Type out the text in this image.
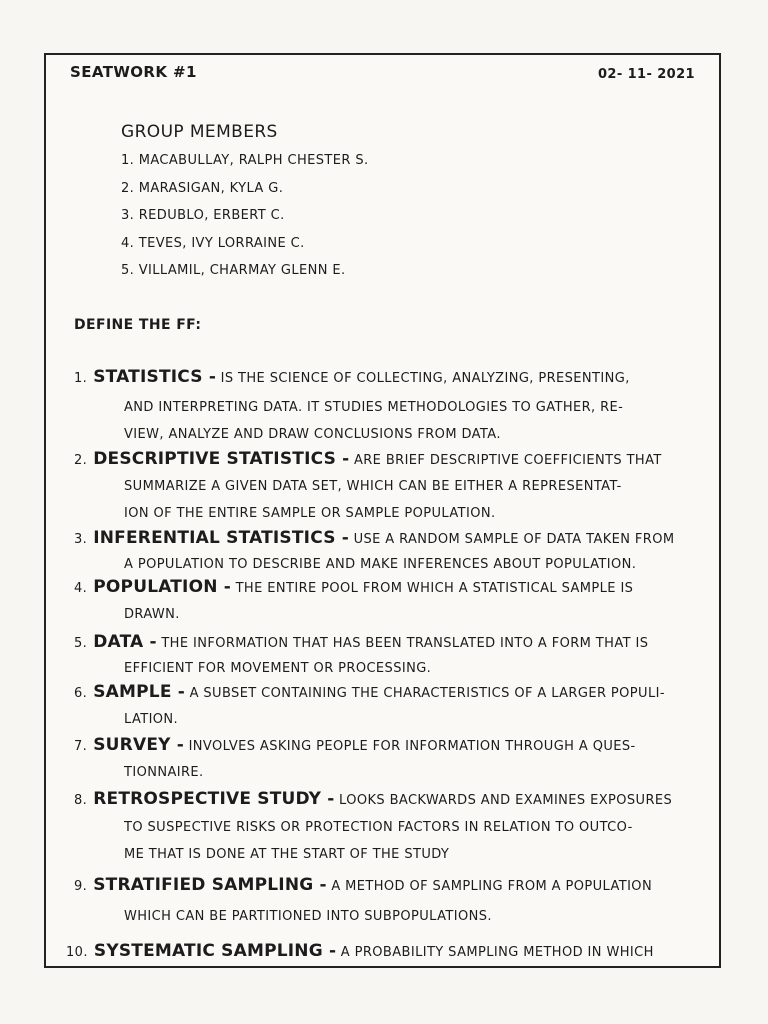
SEATWORK #1	02- 11- 2021
GROUP MEMBERS
1. MACABULLAY, RALPH CHESTER S.
2. MARASIGAN, KYLA G.
3. REDUBLO, ERBERT C.
4. TEVES, IVY LORRAINE C.
5. VILLAMIL, CHARMAY GLENN E.
DEFINE THE FF:
1. STATISTICS - IS THE SCIENCE OF COLLECTING, ANALYZING, PRESENTING,
AND INTERPRETING DATA. IT STUDIES METHODOLOGIES TO GATHER, RE-
VIEW, ANALYZE AND DRAW CONCLUSIONS FROM DATA.
2. DESCRIPTIVE STATISTICS - ARE BRIEF DESCRIPTIVE COEFFICIENTS THAT
SUMMARIZE A GIVEN DATA SET, WHICH CAN BE EITHER A REPRESENTAT-
ION OF THE ENTIRE SAMPLE OR SAMPLE POPULATION.
3. INFERENTIAL STATISTICS - USE A RANDOM SAMPLE OF DATA TAKEN FROM
A POPULATION TO DESCRIBE AND MAKE INFERENCES ABOUT POPULATION.
4. POPULATION - THE ENTIRE POOL FROM WHICH A STATISTICAL SAMPLE IS
DRAWN.
5. DATA - THE INFORMATION THAT HAS BEEN TRANSLATED INTO A FORM THAT IS
EFFICIENT FOR MOVEMENT OR PROCESSING.
6. SAMPLE - A SUBSET CONTAINING THE CHARACTERISTICS OF A LARGER POPULI-
LATION.
7. SURVEY - INVOLVES ASKING PEOPLE FOR INFORMATION THROUGH A QUES-
TIONNAIRE.
8. RETROSPECTIVE STUDY - LOOKS BACKWARDS AND EXAMINES EXPOSURES
TO SUSPECTIVE RISKS OR PROTECTION FACTORS IN RELATION TO OUTCO-
ME THAT IS DONE AT THE START OF THE STUDY
9. STRATIFIED SAMPLING - A METHOD OF SAMPLING FROM A POPULATION
WHICH CAN BE PARTITIONED INTO SUBPOPULATIONS.
10. SYSTEMATIC SAMPLING - A PROBABILITY SAMPLING METHOD IN WHICH
